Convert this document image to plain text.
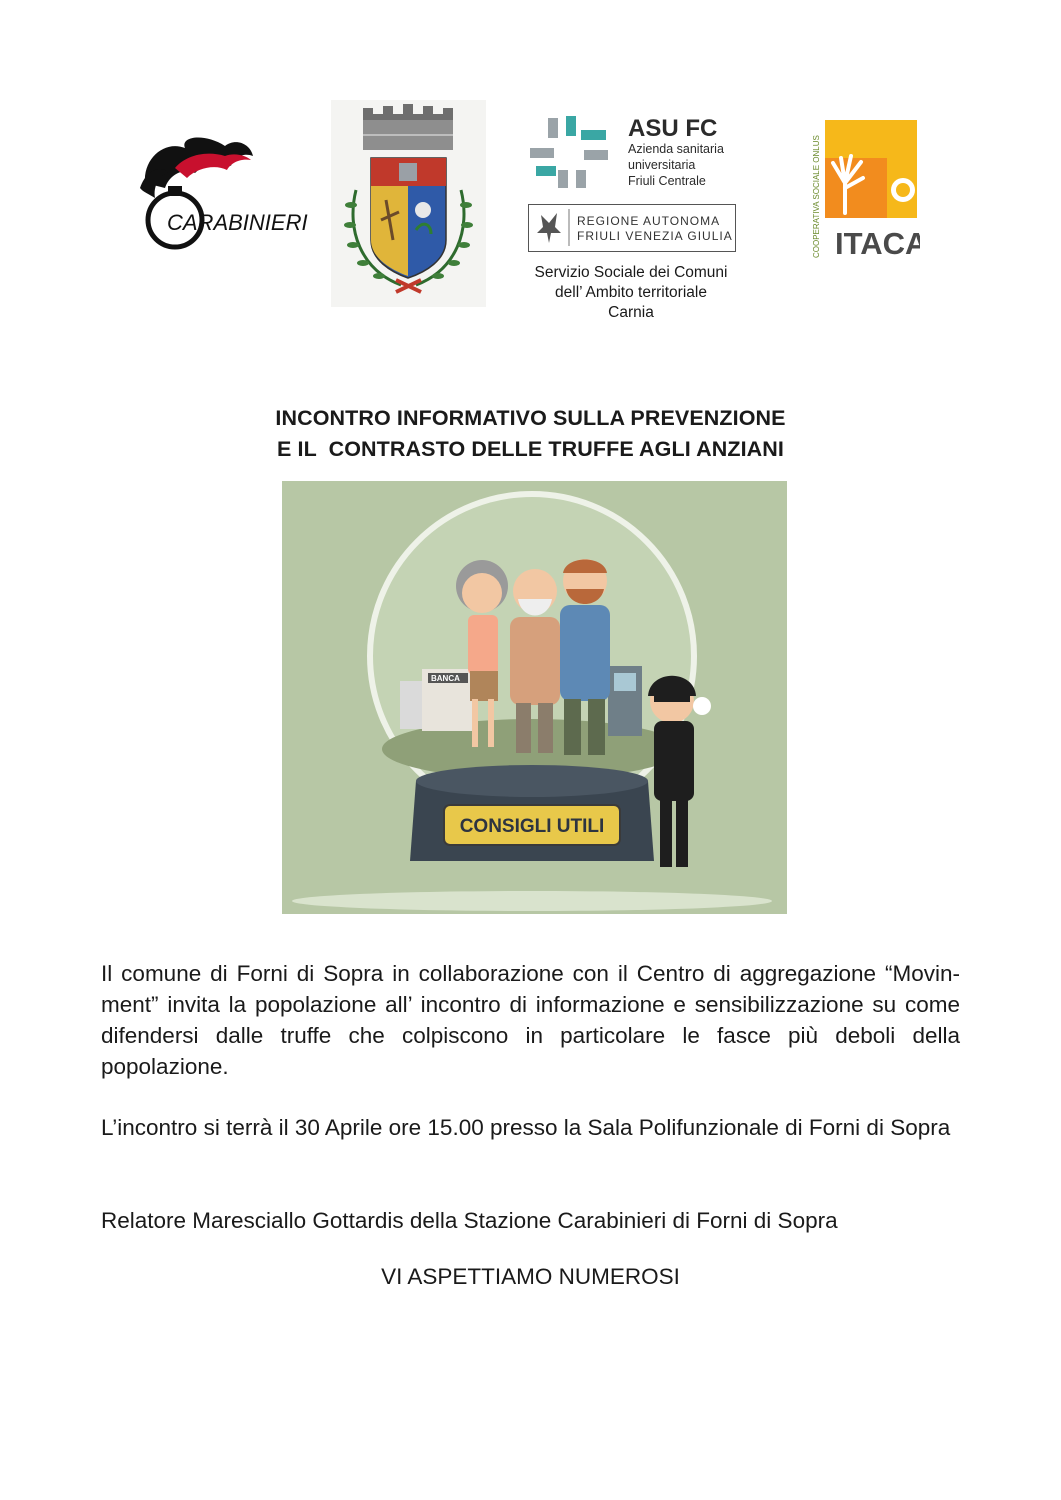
CARABINIERI
ASU FC
Azienda sanitaria
universitaria
Friuli Centrale
REGIONE AUTONOMA
FRIULI VENEZIA GIULIA	ITACA
COOPERATIVA SOCIALE ONLUS
Servizio Sociale dei Comuni
dell’ Ambito territoriale
Carnia
INCONTRO INFORMATIVO SULLA PREVENZIONE
E IL  CONTRASTO DELLE TRUFFE AGLI ANZIANI
BANCA
CONSIGLI UTILI
Il comune di Forni di Sopra in collaborazione con il Centro di aggregazione “Movin-ment” invita la popolazione all’ incontro di informazione e sensibilizzazione su come difendersi dalle truffe che colpiscono in particolare le fasce più deboli della popolazione.
L’incontro si terrà il 30 Aprile ore 15.00 presso la Sala Polifunzionale di Forni di Sopra
Relatore Maresciallo Gottardis della Stazione Carabinieri di Forni di Sopra
VI ASPETTIAMO NUMEROSI
